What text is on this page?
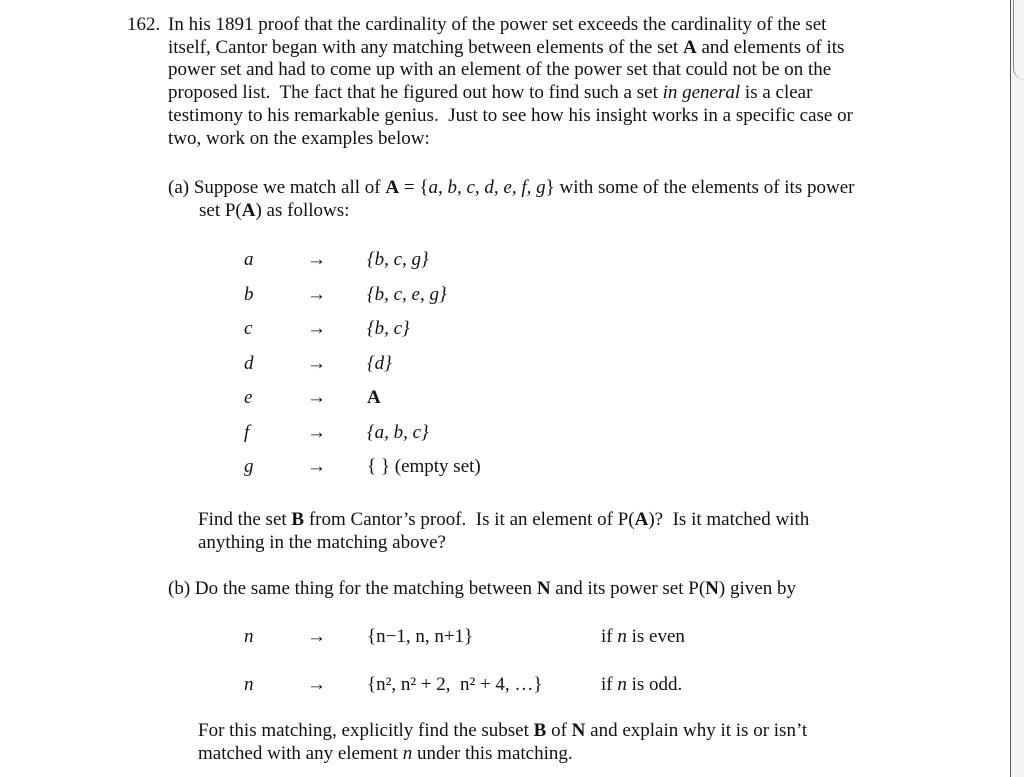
162. In his 1891 proof that the cardinality of the power set exceeds the cardinality of the set
itself, Cantor began with any matching between elements of the set A and elements of its
power set and had to come up with an element of the power set that could not be on the
proposed list.  The fact that he figured out how to find such a set in general is a clear
testimony to his remarkable genius.  Just to see how his insight works in a specific case or
two, work on the examples below:
(a) Suppose we match all of A = {a, b, c, d, e, f, g} with some of the elements of its power
set P(A) as follows:
a	→ {b, c, g}
b	→ {b, c, e, g}
c	→ {b, c}
d	→ {d}
e	→ A
f	→ {a, b, c}
g	→ { } (empty set)
Find the set B from Cantor’s proof.  Is it an element of P(A)?  Is it matched with
anything in the matching above?
(b) Do the same thing for the matching between N and its power set P(N) given by
n	→ {n−1, n, n+1}	if n is even
n	→ {n², n² + 2,  n² + 4, …}	if n is odd.
For this matching, explicitly find the subset B of N and explain why it is or isn’t
matched with any element n under this matching.
